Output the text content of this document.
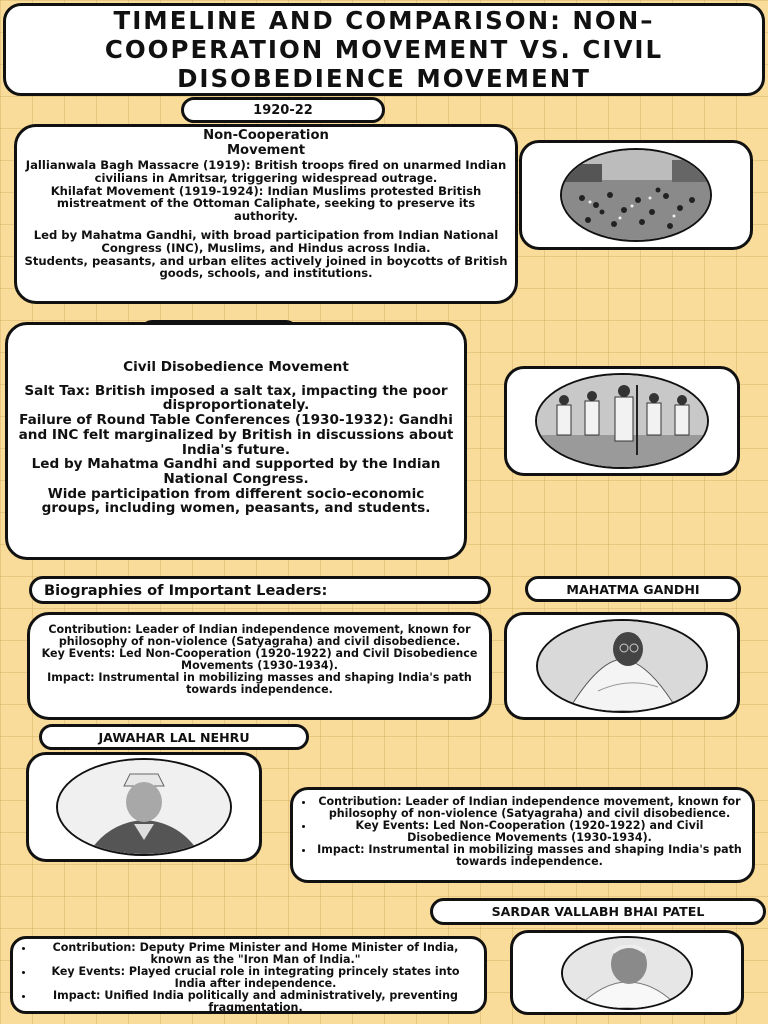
TIMELINE AND COMPARISON: NON–COOPERATION MOVEMENT VS. CIVIL DISOBEDIENCE MOVEMENT
1920-22
Non-Cooperation
Movement

Jallianwala Bagh Massacre (1919): British troops fired on unarmed Indian civilians in Amritsar, triggering widespread outrage.

Khilafat Movement (1919-1924): Indian Muslims protested British mistreatment of the Ottoman Caliphate, seeking to preserve its authority.

Led by Mahatma Gandhi, with broad participation from Indian National Congress (INC), Muslims, and Hindus across India.

Students, peasants, and urban elites actively joined in boycotts of British goods, schools, and institutions.

Civil Disobedience Movement

Salt Tax: British imposed a salt tax, impacting the poor disproportionately.

Failure of Round Table Conferences (1930-1932): Gandhi and INC felt marginalized by British in discussions about India's future.

Led by Mahatma Gandhi and supported by the Indian National Congress.

Wide participation from different socio-economic groups, including women, peasants, and students.

Biographies of Important Leaders:	MAHATMA GANDHI

Contribution: Leader of Indian independence movement, known for philosophy of non-violence (Satyagraha) and civil disobedience.

Key Events: Led Non-Cooperation (1920-1922) and Civil Disobedience Movements (1930-1934).

Impact: Instrumental in mobilizing masses and shaping India's path towards independence.

JAWAHAR LAL NEHRU
• Contribution: Leader of Indian independence movement, known for philosophy of non-violence (Satyagraha) and civil disobedience.
• Key Events: Led Non-Cooperation (1920-1922) and Civil Disobedience Movements (1930-1934).
• Impact: Instrumental in mobilizing masses and shaping India's path towards independence.
SARDAR VALLABH BHAI PATEL
• Contribution: Deputy Prime Minister and Home Minister of India, known as the "Iron Man of India."
• Key Events: Played crucial role in integrating princely states into India after independence.
• Impact: Unified India politically and administratively, preventing fragmentation.
